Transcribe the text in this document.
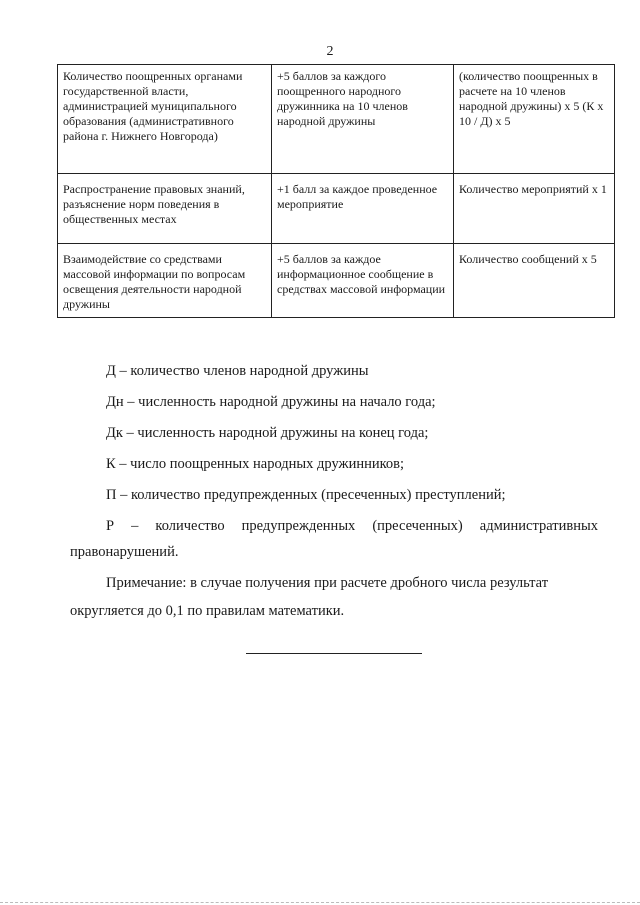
2
Количество поощренных органами государственной власти, администрацией муниципального образования (административного района г. Нижнего Новгорода)	+5 баллов за каждого поощренного народного дружинника на 10 членов народной дружины	(количество поощренных в расчете на 10 членов народной дружины) х 5 (К х 10 / Д) х 5
Распространение правовых знаний, разъяснение норм поведения в общественных местах	+1 балл за каждое проведенное мероприятие	Количество мероприятий х 1
Взаимодействие со средствами массовой информации по вопросам освещения деятельности народной дружины	+5 баллов за каждое информационное сообщение в средствах массовой информации	Количество сообщений х 5

Д – количество членов народной дружины

Дн – численность народной дружины на начало года;

Дк – численность народной дружины на конец года;

К – число поощренных народных дружинников;

П – количество предупрежденных (пресеченных) преступлений;

Р – количество предупрежденных (пресеченных) административных

правонарушений.

Примечание: в случае получения при расчете дробного числа результат

округляется до 0,1 по правилам математики.
